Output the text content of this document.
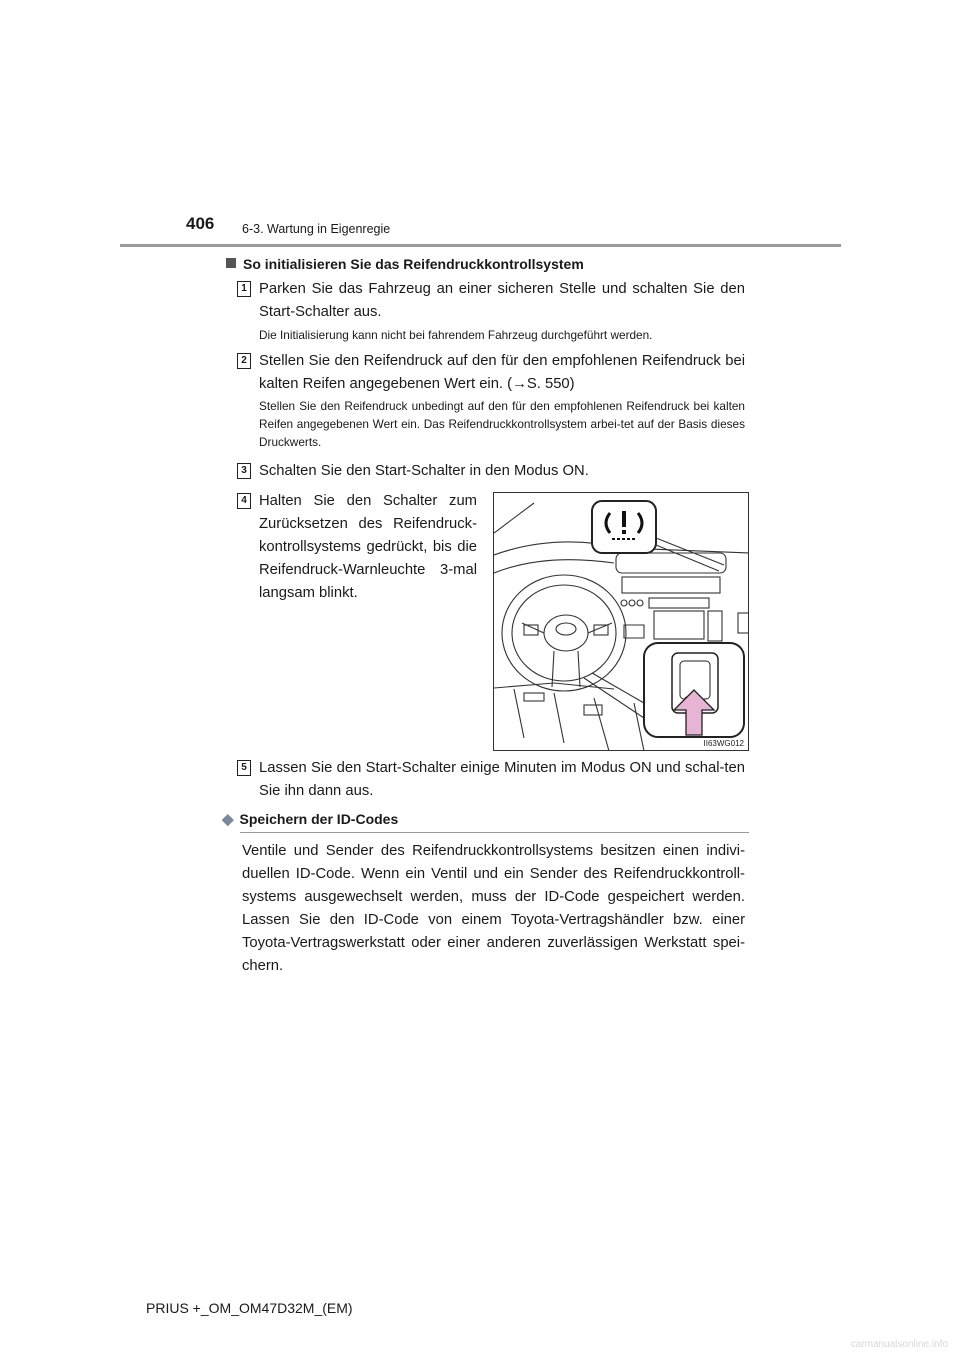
406 6-3. Wartung in Eigenregie
So initialisieren Sie das Reifendruckkontrollsystem
1 Parken Sie das Fahrzeug an einer sicheren Stelle und schalten Sie den Start-Schalter aus.
Die Initialisierung kann nicht bei fahrendem Fahrzeug durchgeführt werden.
2 Stellen Sie den Reifendruck auf den für den empfohlenen Reifendruck bei kalten Reifen angegebenen Wert ein. (→S. 550)
Stellen Sie den Reifendruck unbedingt auf den für den empfohlenen Reifendruck bei kalten Reifen angegebenen Wert ein. Das Reifendruckkontrollsystem arbei-tet auf der Basis dieses Druckwerts.
3 Schalten Sie den Start-Schalter in den Modus ON.
4 Halten Sie den Schalter zum Zurücksetzen des Reifendruck-kontrollsystems gedrückt, bis die Reifendruck-Warnleuchte 3-mal langsam blinkt.
II63WG012
5 Lassen Sie den Start-Schalter einige Minuten im Modus ON und schal-ten Sie ihn dann aus.
◆ Speichern der ID-Codes
Ventile und Sender des Reifendruckkontrollsystems besitzen einen indivi-duellen ID-Code. Wenn ein Ventil und ein Sender des Reifendruckkontroll-systems ausgewechselt werden, muss der ID-Code gespeichert werden. Lassen Sie den ID-Code von einem Toyota-Vertragshändler bzw. einer Toyota-Vertragswerkstatt oder einer anderen zuverlässigen Werkstatt spei-chern.
PRIUS +_OM_OM47D32M_(EM)
carmanualsonline.info
